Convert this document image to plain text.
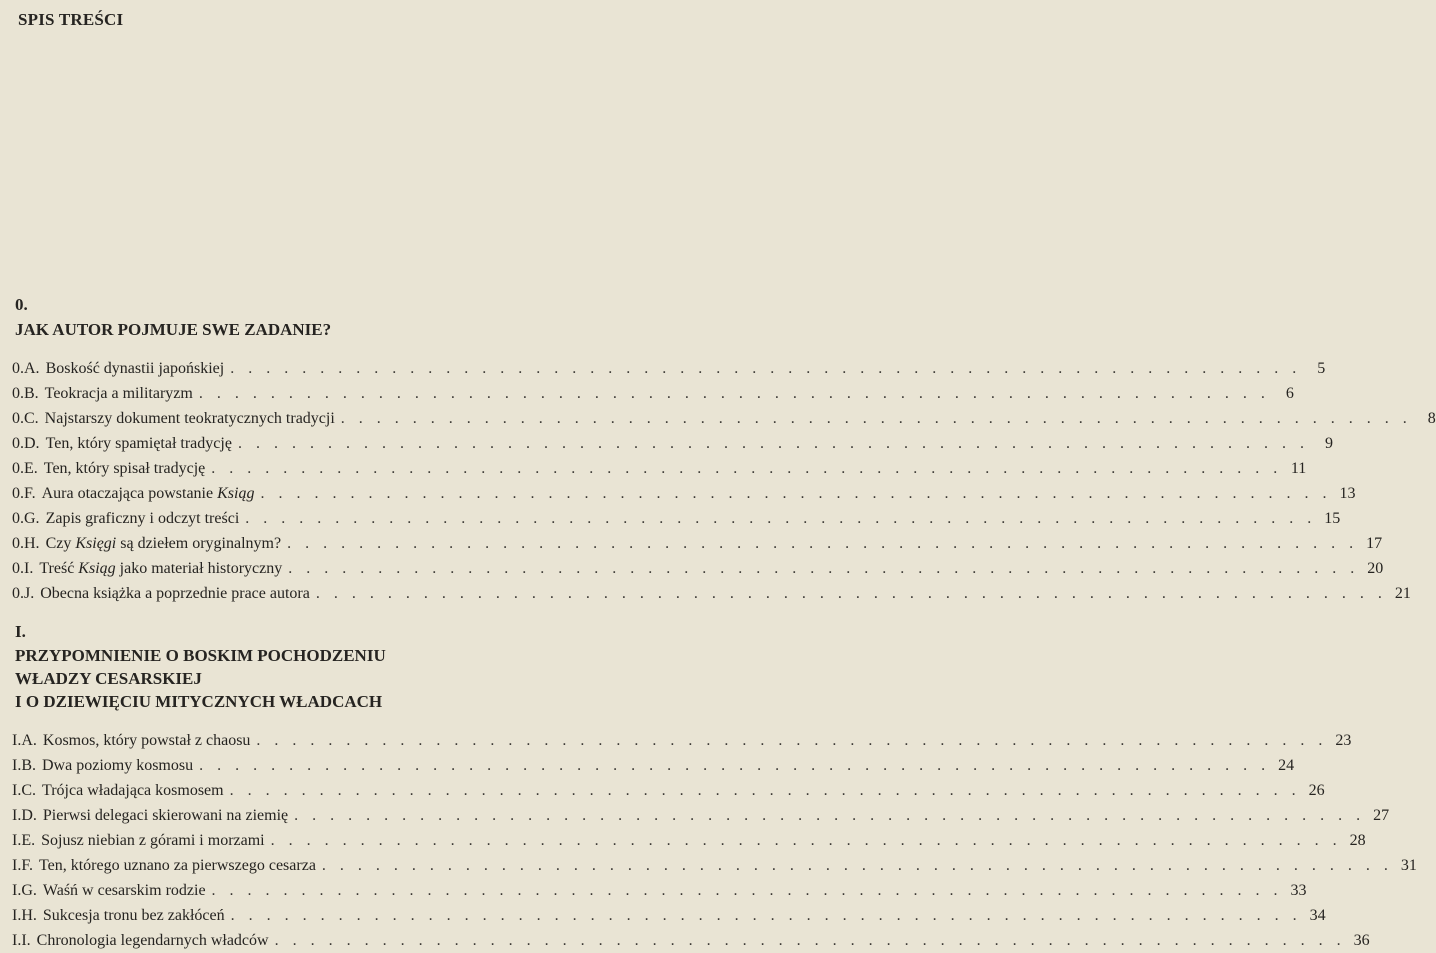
SPIS TREŚCI
0.
JAK AUTOR POJMUJE SWE ZADANIE?
0.A. Boskość dynastii japońskiej . . . . . . . . . . . . . . . . . . . . . . . . . . . . . . . . . . . . . . . . . . . . . . . . . . . . . . . . . . . .	5
0.B. Teokracja a militaryzm . . . . . . . . . . . . . . . . . . . . . . . . . . . . . . . . . . . . . . . . . . . . . . . . . . . . . . . . . . . .	6
0.C. Najstarszy dokument teokratycznych tradycji . . . . . . . . . . . . . . . . . . . . . . . . . . . . . . . . . . . . . . . . . . . . . . . . . . . . . . . . . . . .	8
0.D. Ten, który spamiętał tradycję . . . . . . . . . . . . . . . . . . . . . . . . . . . . . . . . . . . . . . . . . . . . . . . . . . . . . . . . . . . .	9
0.E. Ten, który spisał tradycję . . . . . . . . . . . . . . . . . . . . . . . . . . . . . . . . . . . . . . . . . . . . . . . . . . . . . . . . . . . . 11
0.F. Aura otaczająca powstanie Ksiąg . . . . . . . . . . . . . . . . . . . . . . . . . . . . . . . . . . . . . . . . . . . . . . . . . . . . . . . . . . . . 13
0.G. Zapis graficzny i odczyt treści . . . . . . . . . . . . . . . . . . . . . . . . . . . . . . . . . . . . . . . . . . . . . . . . . . . . . . . . . . . . 15
0.H. Czy Księgi są dziełem oryginalnym? . . . . . . . . . . . . . . . . . . . . . . . . . . . . . . . . . . . . . . . . . . . . . . . . . . . . . . . . . . . . 17
0.I. Treść Ksiąg jako materiał historyczny . . . . . . . . . . . . . . . . . . . . . . . . . . . . . . . . . . . . . . . . . . . . . . . . . . . . . . . . . . . . 20
0.J. Obecna książka a poprzednie prace autora . . . . . . . . . . . . . . . . . . . . . . . . . . . . . . . . . . . . . . . . . . . . . . . . . . . . . . . . . . . . 21
I.
PRZYPOMNIENIE O BOSKIM POCHODZENIU
WŁADZY CESARSKIEJ
I O DZIEWIĘCIU MITYCZNYCH WŁADCACH
I.A. Kosmos, który powstał z chaosu . . . . . . . . . . . . . . . . . . . . . . . . . . . . . . . . . . . . . . . . . . . . . . . . . . . . . . . . . . . . 23
I.B. Dwa poziomy kosmosu . . . . . . . . . . . . . . . . . . . . . . . . . . . . . . . . . . . . . . . . . . . . . . . . . . . . . . . . . . . . 24
I.C. Trójca władająca kosmosem . . . . . . . . . . . . . . . . . . . . . . . . . . . . . . . . . . . . . . . . . . . . . . . . . . . . . . . . . . . . 26
I.D. Pierwsi delegaci skierowani na ziemię . . . . . . . . . . . . . . . . . . . . . . . . . . . . . . . . . . . . . . . . . . . . . . . . . . . . . . . . . . . . 27
I.E. Sojusz niebian z górami i morzami . . . . . . . . . . . . . . . . . . . . . . . . . . . . . . . . . . . . . . . . . . . . . . . . . . . . . . . . . . . . 28
I.F. Ten, którego uznano za pierwszego cesarza . . . . . . . . . . . . . . . . . . . . . . . . . . . . . . . . . . . . . . . . . . . . . . . . . . . . . . . . . . . . 31
I.G. Waśń w cesarskim rodzie . . . . . . . . . . . . . . . . . . . . . . . . . . . . . . . . . . . . . . . . . . . . . . . . . . . . . . . . . . . . 33
I.H. Sukcesja tronu bez zakłóceń . . . . . . . . . . . . . . . . . . . . . . . . . . . . . . . . . . . . . . . . . . . . . . . . . . . . . . . . . . . . 34
I.I. Chronologia legendarnych władców . . . . . . . . . . . . . . . . . . . . . . . . . . . . . . . . . . . . . . . . . . . . . . . . . . . . . . . . . . . . 36
